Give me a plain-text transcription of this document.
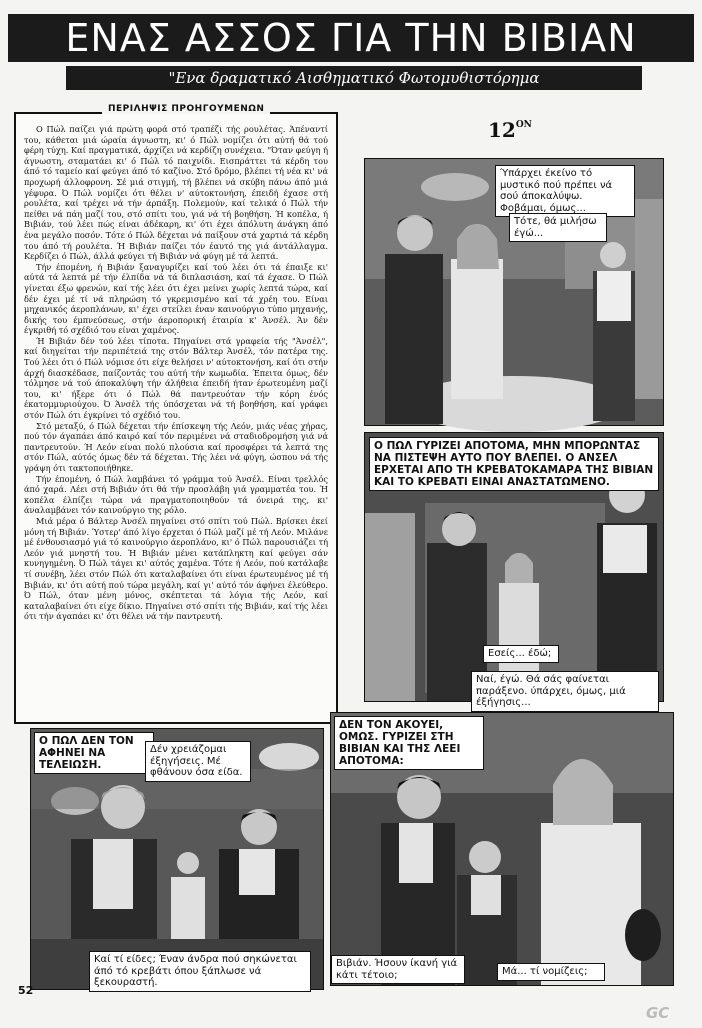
ΕΝΑΣ ΑΣΣΟΣ ΓΙΑ ΤΗΝ ΒΙΒΙΑΝ
"Ενα δραματικό Αισθηματικό Φωτομυθιστόρημα
ΠΕΡΙΛΗΨΙΣ ΠΡΟΗΓΟΥΜΕΝΩΝ

Ο Πώλ παίζει γιά πρώτη φορά στό τραπέζι τής ρουλέτας. Άπέναντί του, κάθεται μιά ώραία άγνωστη, κι' ό Πώλ νομίζει ότι αύτή θά τού φέρη τύχη. Καί πραγματικά, άρχίζει νά κερδίζη συνέχεια. "Όταν φεύγη ή άγνωστη, σταματάει κι' ό Πώλ τό παιχνίδι. Εισπράττει τά κέρδη του άπό τό ταμείο καί φεύγει άπό τό καζίνο. Στό δρόμο, βλέπει τή νέα κι' νά προχωρή άλλοφρονη. Σέ μιά στιγμή, τή βλέπει νά σκύβη πάνω άπό μιά γέφυρα. Ό Πώλ νομίζει ότι θέλει ν' αύτοκτονήση, έπειδή έχασε στή ρουλέτα, καί τρέχει νά τήν άρπάξη. Πολεμούν, καί τελικά ό Πώλ τήν πείθει νά πάη μαζί του, στό σπίτι του, γιά νά τή βοηθήση. Ή κοπέλα, ή Βιβιάν, τού λέει πώς είναι άδέκαρη, κι' ότι έχει άπόλυτη άνάγκη άπό ένα μεγάλο ποσόν. Τότε ό Πώλ δέχεται νά παίξουν στά χαρτιά τά κέρδη του άπό τή ρουλέτα. Ή Βιβιάν παίζει τόν έαυτό της γιά άντάλλαγμα. Κερδίζει ό Πώλ, άλλά φεύγει τή Βιβιάν νά φύγη μέ τά λεπτά.

Τήν έπομένη, ή Βιβιάν ξαναγυρίζει καί τού λέει ότι τά έπαιξε κι' αύτά τά λεπτά μέ τήν έλπίδα νά τά διπλασιάση, καί τά έχασε. Ό Πώλ γίνεται έξω φρενών, καί τής λέει ότι έχει μείνει χωρίς λεπτά τώρα, καί δέν έχει μέ τί νά πληρώση τό γκρεμισμένο καί τά χρέη του. Είναι μηχανικός άεροπλάνων, κι' έχει στείλει έναν καινούργιο τύπο μηχανής, δικής του έμπνεύσεως, στήν άεροπορική έταιρία κ' Άνσέλ. Άν δέν έγκριθή τό σχέδιό του είναι χαμένος.

Ή Βιβιάν δέν τού λέει τίποτα. Πηγαίνει στά γραφεία τής "Άνσέλ", καί διηγείται τήν περιπέτειά της στόν Βάλτερ Άνσέλ, τόν πατέρα της. Τού λέει ότι ό Πώλ νόμισε ότι είχε θελήσει ν' αύτοκτονήση, καί ότι στήν άρχή διασκέδασε, παίζοντάς του αύτή τήν κωμωδία. Έπειτα όμως, δέν τόλμησε νά τού άποκαλύψη τήν άλήθεια έπειδή ήταν έρωτευμένη μαζί του, κι' ήξερε ότι ό Πώλ θά παντρευόταν τήν κόρη ένός έκατομμυριούχου. Ό Άνσέλ τής ύπόσχεται νά τή βοηθήση, καί γράφει στόν Πώλ ότι έγκρίνει τό σχέδιό του.

Στό μεταξύ, ό Πώλ δέχεται τήν έπίσκεψη τής Λεόν, μιάς νέας χήρας, πού τόν άγαπάει άπό καιρό καί τόν περιμένει νά σταδιοδρομήση γιά νά παντρευτούν. Ή Λεόν είναι πολύ πλούσια καί προσφέρει τά λεπτά της στόν Πώλ, αύτός όμως δέν τά δέχεται. Τής λέει νά φύγη, ώσπου νά τής γράψη ότι τακτοποιήθηκε.

Τήν έπομένη, ό Πώλ λαμβάνει τό γράμμα τού Άνσέλ. Είναι τρελλός άπό χαρά. Λέει στή Βιβιάν ότι θά τήν προσλάβη γιά γραμματέα του. Ή κοπέλα έλπίζει τώρα νά πραγματοποιηθούν τά όνειρά της, κι' άναλαμβάνει τόν καινούργιο της ρόλο.

Μιά μέρα ό Βάλτερ Άνσέλ πηγαίνει στό σπίτι τού Πώλ. Βρίσκει έκεί μόνη τή Βιβιάν. Ύστερ' άπό λίγο έρχεται ό Πώλ μαζί μέ τή Λεόν. Μιλάνε μέ ένθουσιασμό γιά τό καινούργιο άεροπλάνο, κι' ό Πώλ παρουσιάζει τή Λεόν γιά μνηστή του. Ή Βιβιάν μένει κατάπληκτη καί φεύγει σάν κυνηγημένη. Ό Πώλ τάγει κι' αύτός χαμένα. Τότε ή Λεόν, πού κατάλαβε τί συνέβη, λέει στόν Πώλ ότι καταλαβαίνει ότι είναι έρωτευμένος μέ τή Βιβιάν, κι' ότι αύτή πού τώρα μεγάλη, καί γι' αύτό τόν άφήνει έλεύθερο. Ό Πώλ, όταν μένη μόνος, σκέπτεται τά λόγια τής Λεόν, καί καταλαβαίνει ότι είχε δίκιο. Πηγαίνει στό σπίτι τής Βιβιάν, καί τής λέει ότι τήν άγαπάει κι' ότι θέλει νά τήν παντρευτή.

$12^{ON}$
Ύπάρχει έκείνο τό μυστικό πού πρέπει νά σού άποκαλύψω. Φοβάμαι, όμως...
Τότε, θά μιλήσω έγώ...
Ο ΠΩΛ ΓΥΡΙΖΕΙ ΑΠΟΤΟΜΑ, ΜΗΝ ΜΠΟΡΩΝΤΑΣ ΝΑ ΠΙΣΤΕΨΗ ΑΥΤΟ ΠΟΥ ΒΛΕΠΕΙ. Ο ΑΝΣΕΛ ΕΡΧΕΤΑΙ ΑΠΟ ΤΗ ΚΡΕΒΑΤΟΚΑΜΑΡΑ ΤΗΣ ΒΙΒΙΑΝ ΚΑΙ ΤΟ ΚΡΕΒΑΤΙ ΕΙΝΑΙ ΑΝΑΣΤΑΤΩΜΕΝΟ.
Εσείς... έδώ;
Ναί, έγώ. Θά σάς φαίνεται παράξενο. ύπάρχει, όμως, μιά έξήγησις...
Ο ΠΩΛ ΔΕΝ ΤΟΝ ΑΦΗΝΕΙ ΝΑ ΤΕΛΕΙΩΣΗ.
Δέν χρειάζομαι έξηγήσεις. Μέ φθάνουν όσα είδα.
Καί τί είδες; Έναν άνδρα πού σηκώνεται άπό τό κρεβάτι όπου ξάπλωσε νά ξεκουραστή.
ΔΕΝ ΤΟΝ ΑΚΟΥΕΙ, ΟΜΩΣ. ΓΥΡΙΖΕΙ ΣΤΗ ΒΙΒΙΑΝ ΚΑΙ ΤΗΣ ΛΕΕΙ ΑΠΟΤΟΜΑ:
Βιβιάν. Ήσουν ίκανή γιά κάτι τέτοιο;	Μά... τί νομίζεις;
52
GC
